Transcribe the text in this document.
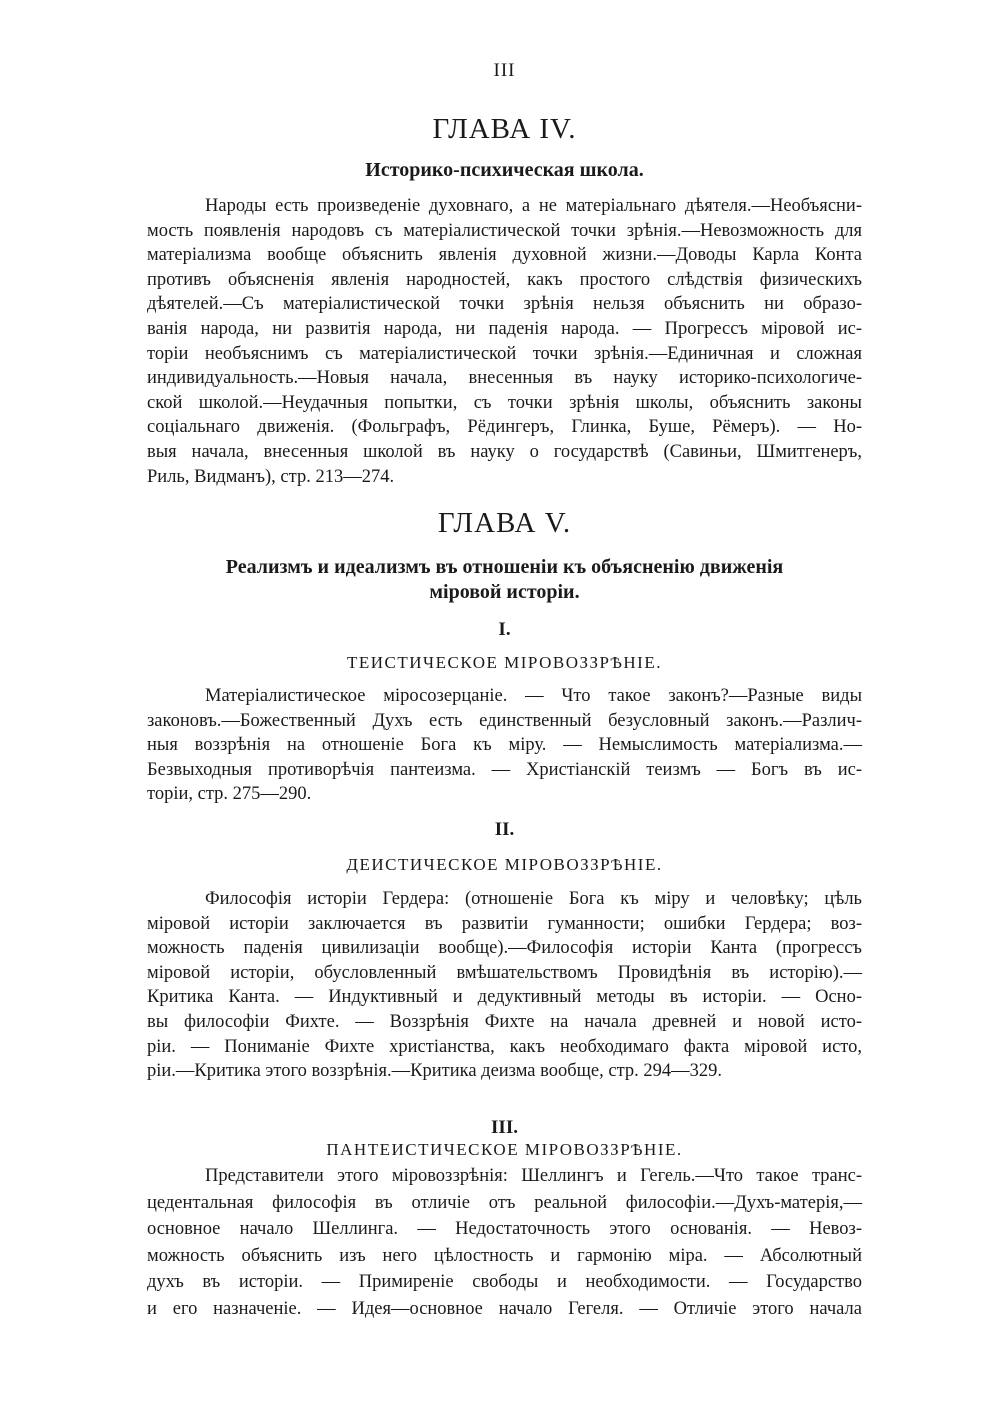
III
ГЛАВА IV.
Историко-психическая школа.
Народы есть произведеніе духовнаго, а не матеріальнаго дѣятеля.—Необъясни-
мость появленія народовъ съ матеріалистической точки зрѣнія.—Невозможность для
матеріализма вообще объяснить явленія духовной жизни.—Доводы Карла Конта
противъ объясненія явленія народностей, какъ простого слѣдствія физическихъ
дѣятелей.—Съ матеріалистической точки зрѣнія нельзя объяснить ни образо-
ванія народа, ни развитія народа, ни паденія народа. — Прогрессъ міровой ис-
торіи необъяснимъ съ матеріалистической точки зрѣнія.—Единичная и сложная
индивидуальность.—Новыя начала, внесенныя въ науку историко-психологиче-
ской школой.—Неудачныя попытки, съ точки зрѣнія школы, объяснить законы
соціальнаго движенія. (Фольграфъ, Рёдингеръ, Глинка, Буше, Рёмеръ). — Но-
выя начала, внесенныя школой въ науку о государствѣ (Савиньи, Шмитгенеръ,
Риль, Видманъ), стр. 213—274.
ГЛАВА V.
Реализмъ и идеализмъ въ отношеніи къ объясненію движенія
міровой исторіи.
I.
ТЕИСТИЧЕСКОЕ МІРОВОЗЗРѢНІЕ.
Матеріалистическое міросозерцаніе. — Что такое законъ?—Разные виды
законовъ.—Божественный Духъ есть единственный безусловный законъ.—Различ-
ныя воззрѣнія на отношеніе Бога къ міру. — Немыслимость матеріализма.—
Безвыходныя противорѣчія пантеизма. — Христіанскій теизмъ — Богъ въ ис-
торіи, стр. 275—290.
II.
ДЕИСТИЧЕСКОЕ МІРОВОЗЗРѢНІЕ.
Философія исторіи Гердера: (отношеніе Бога къ міру и человѣку; цѣль
міровой исторіи заключается въ развитіи гуманности; ошибки Гердера; воз-
можность паденія цивилизаціи вообще).—Философія исторіи Канта (прогрессъ
міровой исторіи, обусловленный вмѣшательствомъ Провидѣнія въ исторію).—
Критика Канта. — Индуктивный и дедуктивный методы въ исторіи. — Осно-
вы философіи Фихте. — Воззрѣнія Фихте на начала древней и новой исто-
ріи. — Пониманіе Фихте христіанства, какъ необходимаго факта міровой исто,
ріи.—Критика этого воззрѣнія.—Критика деизма вообще, стр. 294—329.
III.
ПАНТЕИСТИЧЕСКОЕ МІРОВОЗЗРѢНІЕ.
Представители этого міровоззрѣнія: Шеллингъ и Гегель.—Что такое транс-
цедентальная философія въ отличіе отъ реальной философіи.—Духъ-матерія,—
основное начало Шеллинга. — Недостаточность этого основанія. — Невоз-
можность объяснить изъ него цѣлостность и гармонію міра. — Абсолютный
духъ въ исторіи. — Примиреніе свободы и необходимости. — Государство
и его назначеніе. — Идея—основное начало Гегеля. — Отличіе этого начала
